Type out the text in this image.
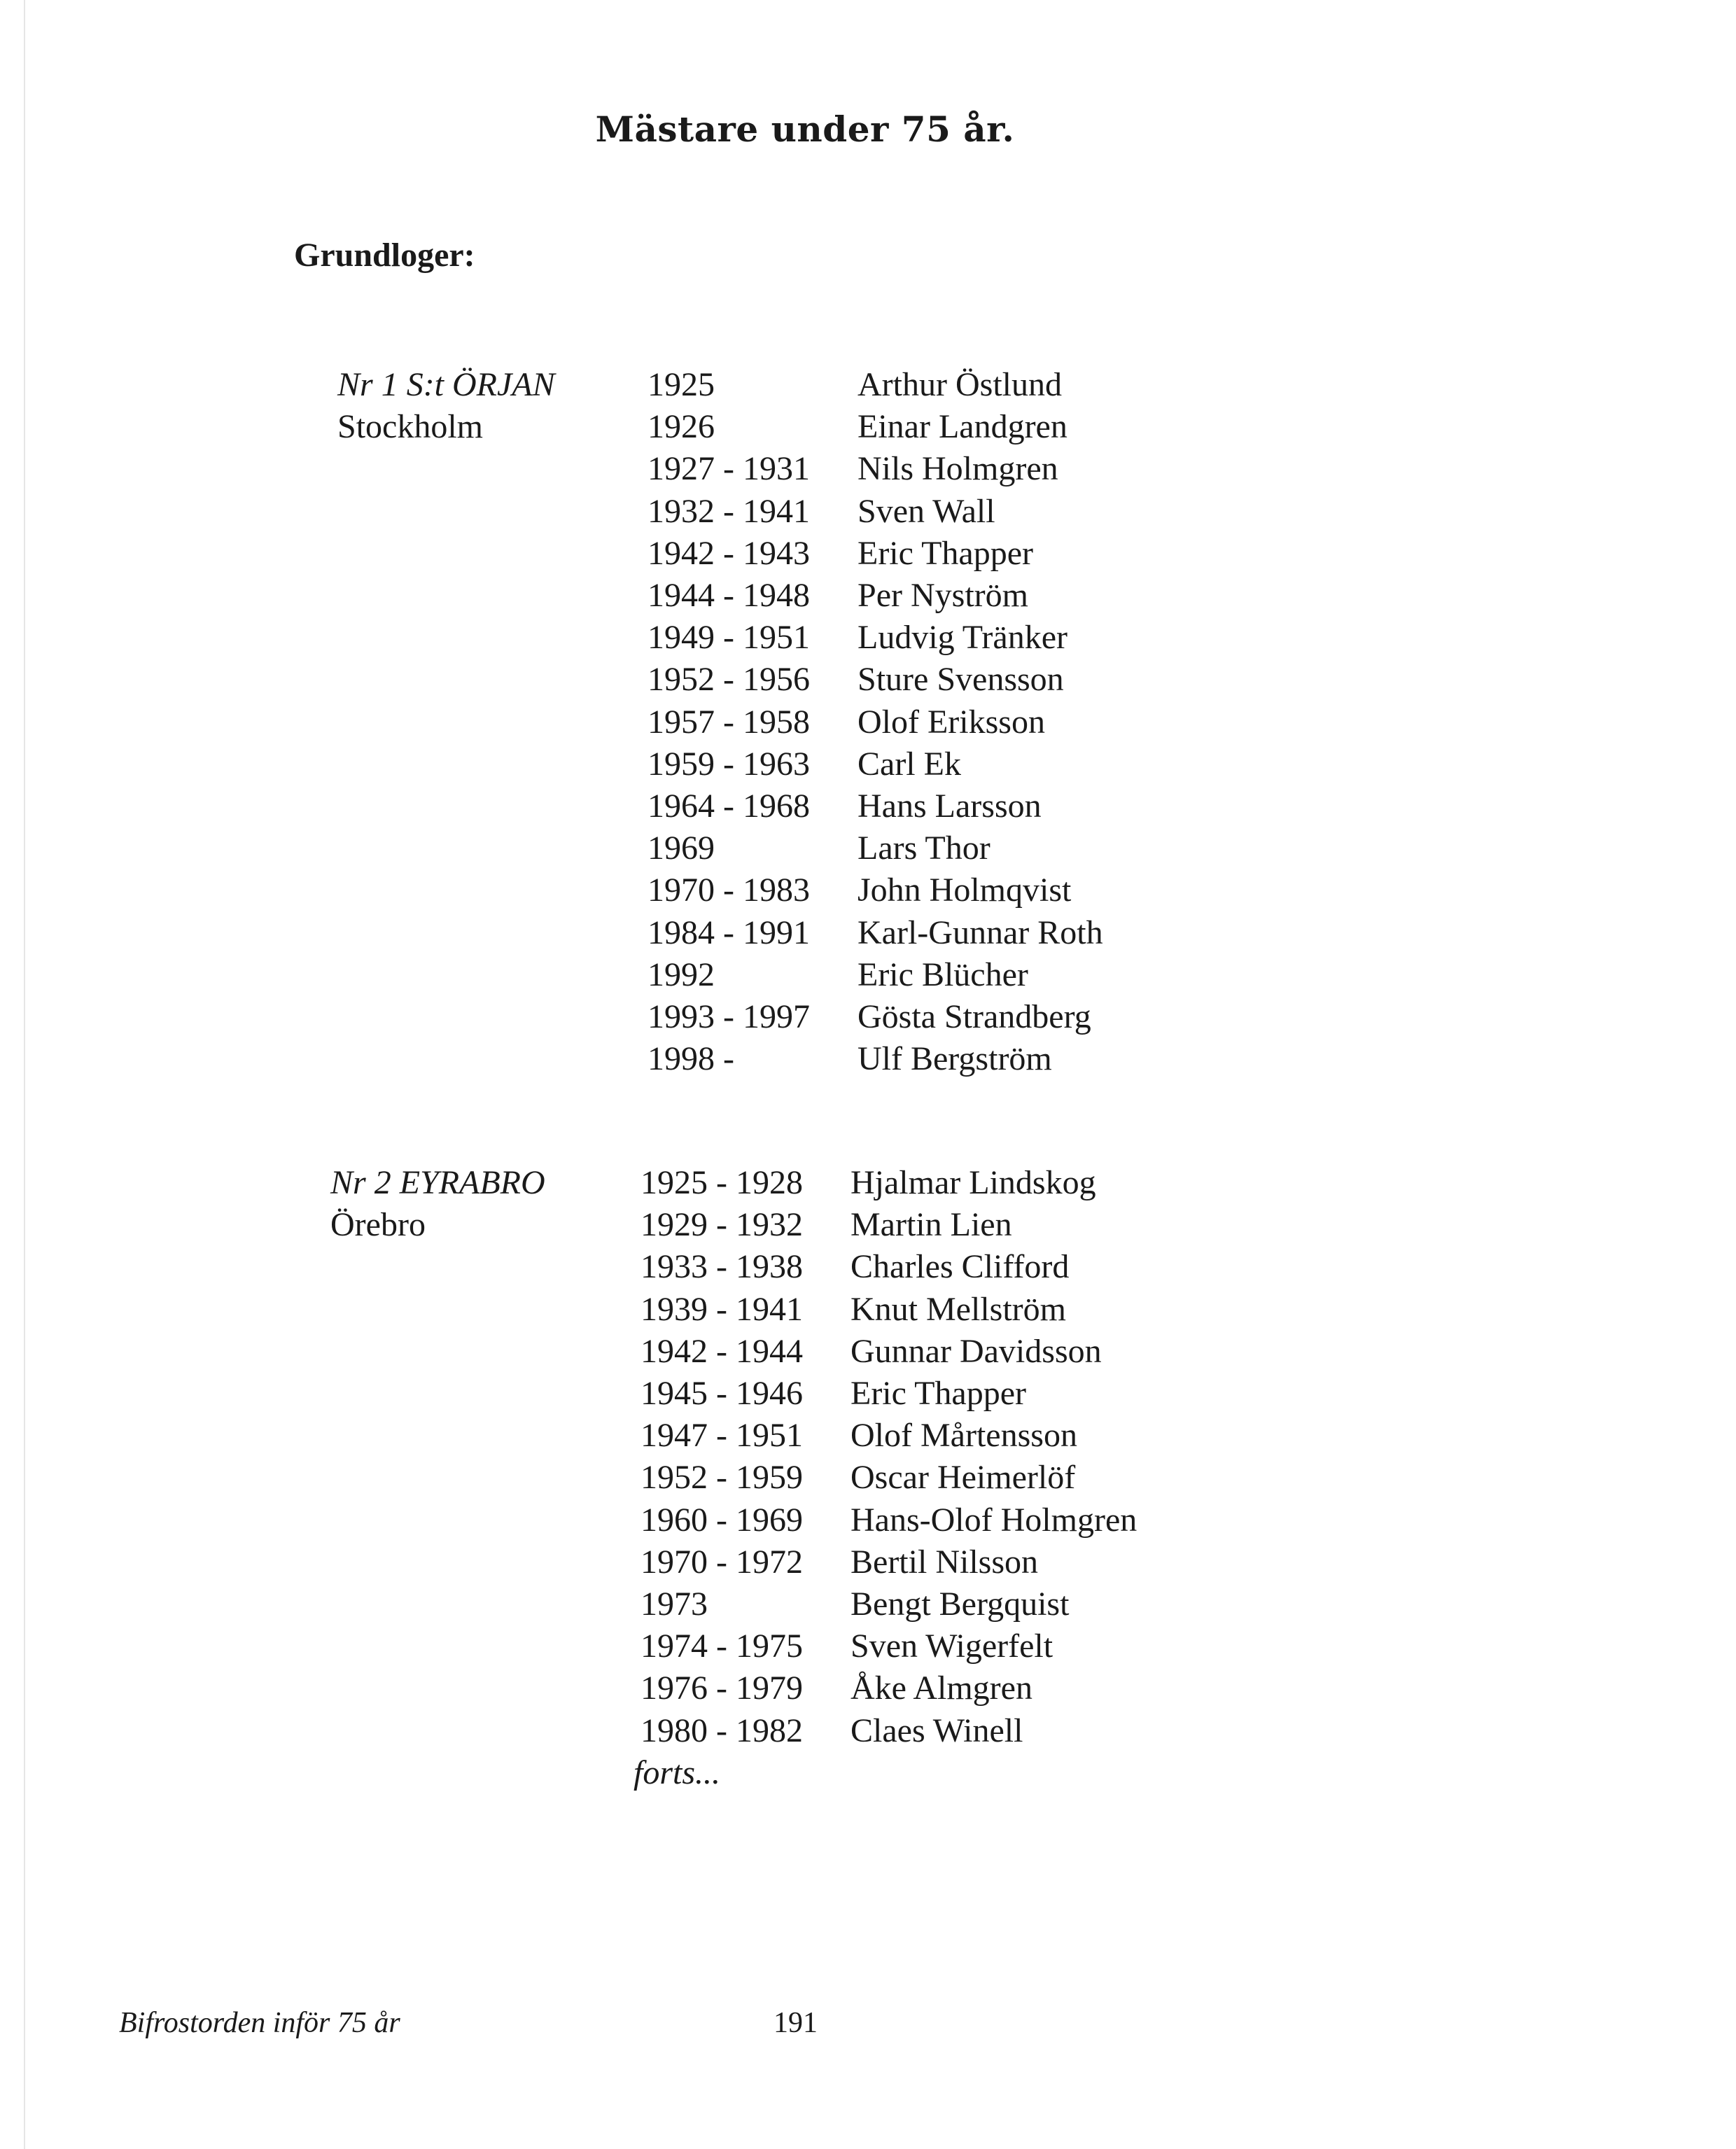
Mästare under 75 år.
Grundloger:
Nr 1 S:t ÖRJAN
Stockholm
1925	Arthur Östlund
1926	Einar Landgren
1927 - 1931 Nils Holmgren
1932 - 1941 Sven Wall
1942 - 1943 Eric Thapper
1944 - 1948 Per Nyström
1949 - 1951 Ludvig Tränker
1952 - 1956 Sture Svensson
1957 - 1958 Olof Eriksson
1959 - 1963 Carl Ek
1964 - 1968 Hans Larsson
1969	Lars Thor
1970 - 1983 John Holmqvist
1984 - 1991 Karl-Gunnar Roth
1992	Eric Blücher
1993 - 1997 Gösta Strandberg
1998 -	Ulf Bergström
Nr 2 EYRABRO
Örebro
1925 - 1928 Hjalmar Lindskog
1929 - 1932 Martin Lien
1933 - 1938 Charles Clifford
1939 - 1941 Knut Mellström
1942 - 1944 Gunnar Davidsson
1945 - 1946 Eric Thapper
1947 - 1951 Olof Mårtensson
1952 - 1959 Oscar Heimerlöf
1960 - 1969 Hans-Olof Holmgren
1970 - 1972 Bertil Nilsson
1973	Bengt Bergquist
1974 - 1975 Sven Wigerfelt
1976 - 1979 Åke Almgren
1980 - 1982 Claes Winell
forts...
Bifrostorden inför 75 år	191
